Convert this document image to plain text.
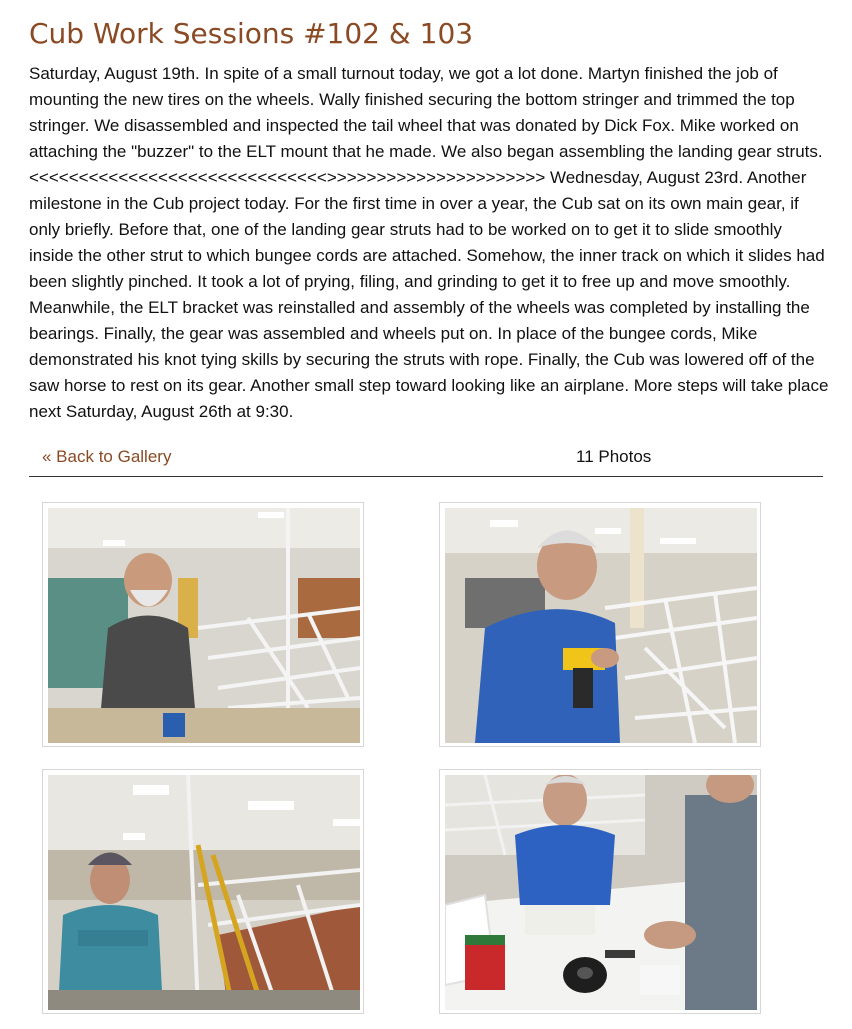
Cub Work Sessions #102 & 103

Saturday, August 19th. In spite of a small turnout today, we got a lot done. Martyn finished the job of mounting the new tires on the wheels. Wally finished securing the bottom stringer and trimmed the top stringer. We disassembled and inspected the tail wheel that was donated by Dick Fox. Mike worked on attaching the "buzzer" to the ELT mount that he made. We also began assembling the landing gear struts. <<<<<<<<<<<<<<<<<<<<<<<<<<<<<<>>>>>>>>>>>>>>>>>>>>>> Wednesday, August 23rd. Another milestone in the Cub project today. For the first time in over a year, the Cub sat on its own main gear, if only briefly. Before that, one of the landing gear struts had to be worked on to get it to slide smoothly inside the other strut to which bungee cords are attached. Somehow, the inner track on which it slides had been slightly pinched. It took a lot of prying, filing, and grinding to get it to free up and move smoothly. Meanwhile, the ELT bracket was reinstalled and assembly of the wheels was completed by installing the bearings. Finally, the gear was assembled and wheels put on. In place of the bungee cords, Mike demonstrated his knot tying skills by securing the struts with rope. Finally, the Cub was lowered off of the saw horse to rest on its gear. Another small step toward looking like an airplane. More steps will take place next Saturday, August 26th at 9:30.

« Back to Gallery	11 Photos
